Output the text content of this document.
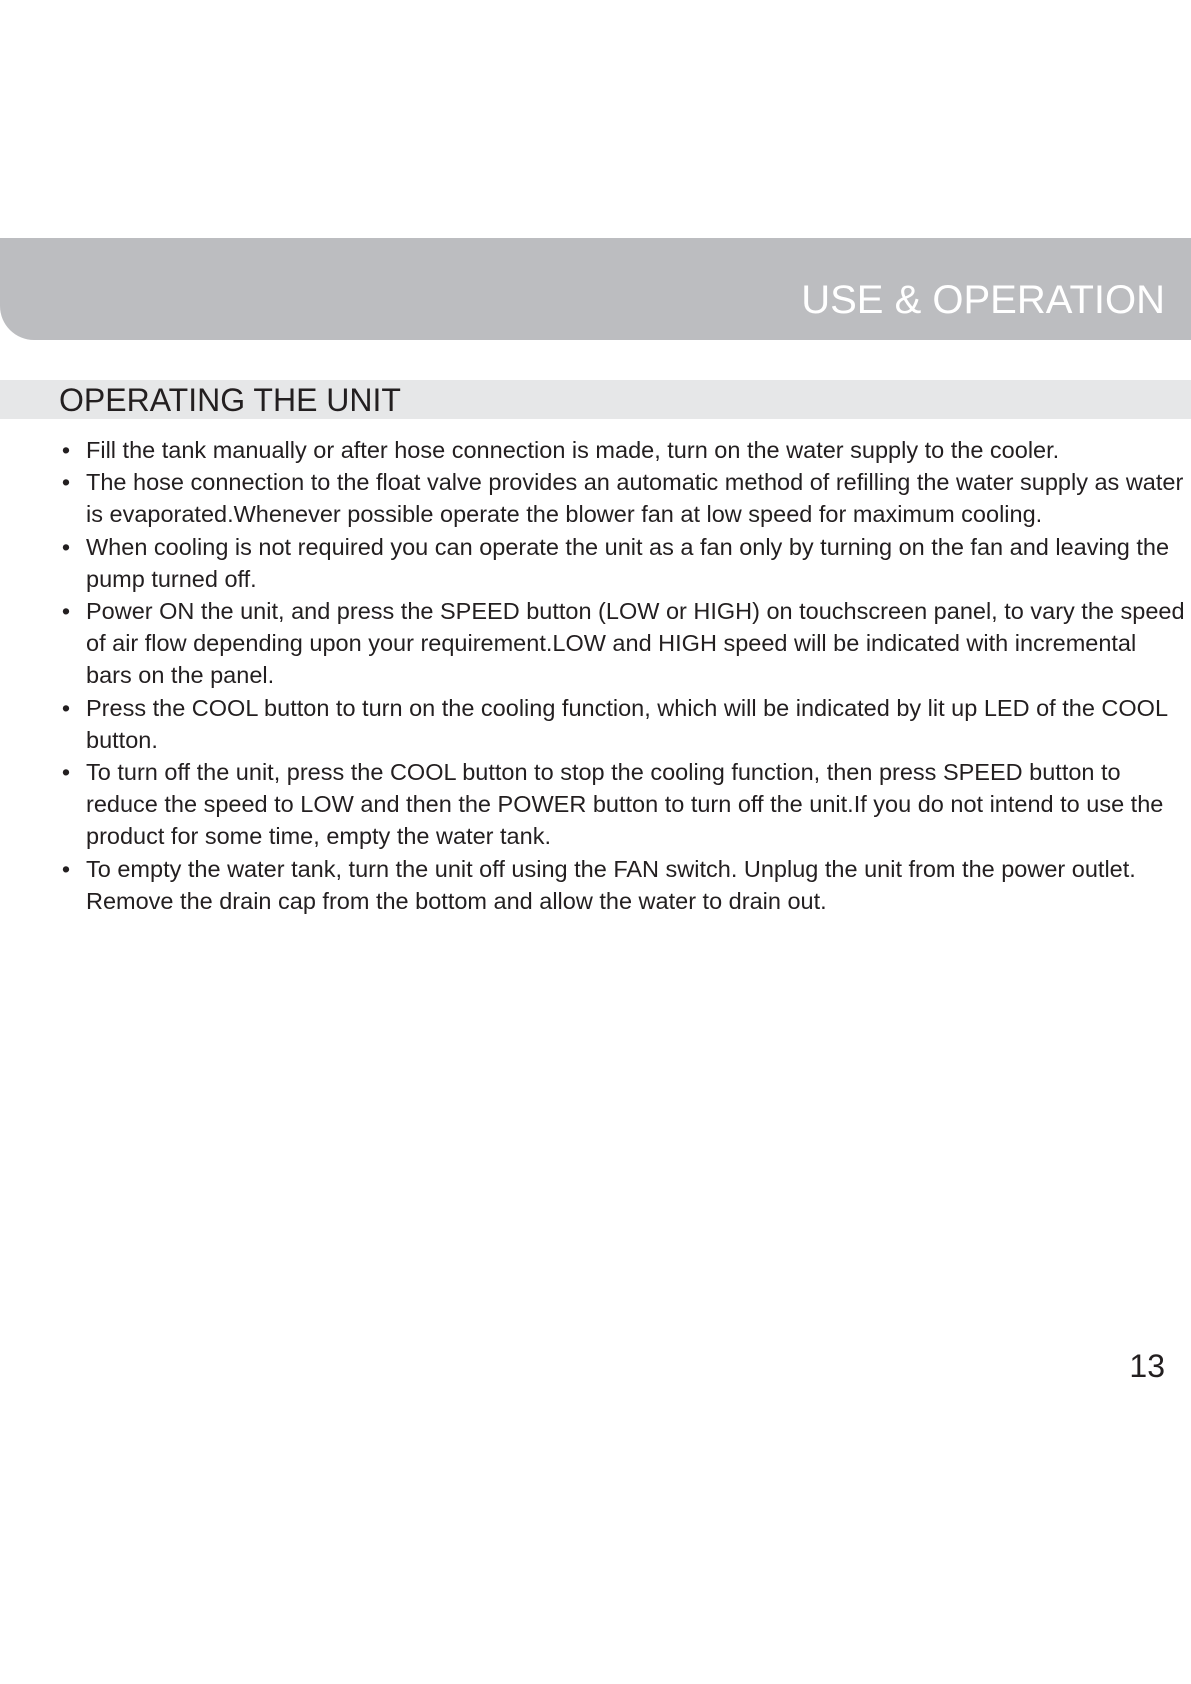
USE & OPERATION
OPERATING THE UNIT
• Fill the tank manually or after hose connection is made, turn on the water supply to the cooler.
• The hose connection to the float valve provides an automatic method of refilling the water supply as water is evaporated.Whenever possible operate the blower fan at low speed for maximum cooling.
• When cooling is not required you can operate the unit as a fan only by turning on the fan and leaving the pump turned off.
• Power ON the unit, and press the SPEED button (LOW or HIGH) on touchscreen panel, to vary the speed of air flow depending upon your requirement.LOW and HIGH speed will be indicated with incremental bars on the panel.
• Press the COOL button to turn on the cooling function, which will be indicated by lit up LED of the COOL button.
• To turn off the unit, press the COOL button to stop the cooling function, then press SPEED button to reduce the speed to LOW and then the POWER button to turn off the unit.If you do not intend to use the product for some time, empty the water tank.
• To empty the water tank, turn the unit off using the FAN switch. Unplug the unit from the power outlet. Remove the drain cap from the bottom and allow the water to drain out.
13
